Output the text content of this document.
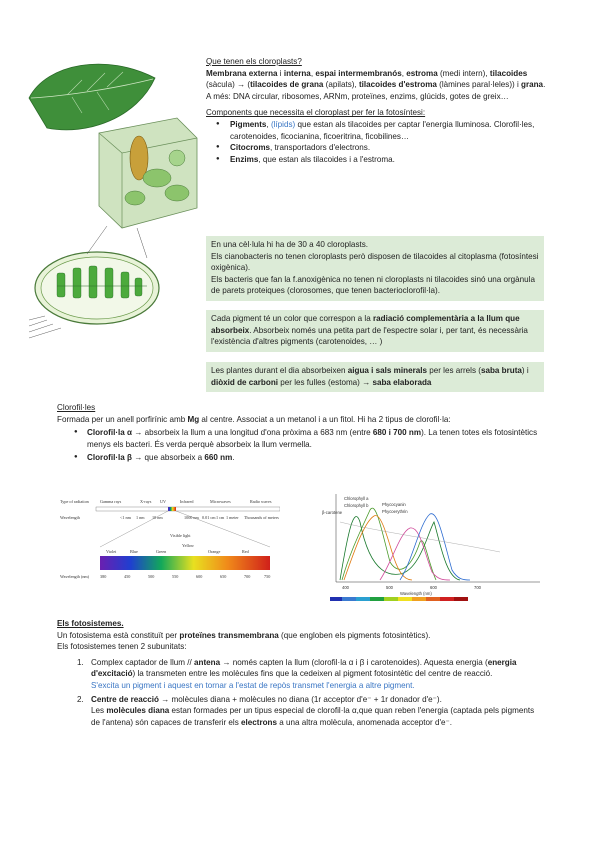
Que tenen els cloroplasts?

Membrana externa i interna, espai intermembranós, estroma (medi intern), tilacoides (sàcula) → (tilacoides de grana (apilats), tilacoides d'estroma (làmines paral·leles)) i grana.

A més: DNA circular, ribosomes, ARNm, proteïnes, enzims, glúcids, gotes de greix…

Components que necessita el cloroplast per fer la fotosíntesi:

● Pigments, (lípids) que estan als tilacoides per captar l'energia lluminosa. Clorofil·les, carotenoides, ficocianina, ficoeritrina, ficobilines…

● Citocroms, transportadors d'electrons.

● Enzims, que estan als tilacoides i a l'estroma.

En una cèl·lula hi ha de 30 a 40 cloroplasts.

Els cianobacteris no tenen cloroplasts però disposen de tilacoides al citoplasma (fotosíntesi oxigènica).

Els bacteris que fan la f.anoxigènica no tenen ni cloroplasts ni tilacoides sinó una orgànula de parets proteiques (clorosomes, que tenen bacterioclorofil·la).

Cada pigment té un color que correspon a la radiació complementària a la llum que absorbeix. Absorbeix només una petita part de l'espectre solar i, per tant, és necessària l'existència d'altres pigments (carotenoides, … )

Les plantes durant el dia absorbeixen aigua i sals minerals per les arrels (saba bruta) i diòxid de carboni per les fulles (estoma) → saba elaborada

Clorofil·les

Formada per un anell porfirínic amb Mg al centre. Associat a un metanol i a un fitol. Hi ha 2 tipus de clorofil·la:

● Clorofil·la α → absorbeix la llum a una longitud d'ona pròxima a 683 nm (entre 680 i 700 nm). La tenen totes els fotosintètics menys els bacteri. És verda perquè absorbeix la llum vermella.

● Clorofil·la β → que absorbeix a 660 nm.

Type of radiation	Gamma rays	X-rays UV	Infrared	Microwaves	Radio waves
Wavelength	<1 nm 1 nm 10 nm	1000 nm 0.01 cm 1 cm 1 meter Thousands of meters
Visible light
Violet	Blue	Green
Yellow
Orange	Red
Wavelength (nm)	380	450	500	550	600	650	700	750
Chlorophyll a
Chlorophyll b
β-carotene
Phycocyanin
Phycoerythrin
400	500	600	700
Wavelength (nm)

Els fotosistemes.

Un fotosistema està constituït per proteïnes transmembrana (que engloben els pigments fotosintètics).

Els fotosistemes tenen 2 subunitats:

1. Complex captador de llum // antena → només capten la llum (clorofil·la α i β i carotenoides). Aquesta energia (energia d'excitació) la transmeten entre les molècules fins que la cedeixen al pigment fotosintètic del centre de reacció.

S'excita un pigment i aquest en tornar a l'estat de repòs transmet l'energia a altre pigment.

2. Centre de reacció → molècules diana + molècules no diana (1r acceptor d'e⁻ + 1r donador d'e⁻).

Les molècules diana estan formades per un tipus especial de clorofil·la α,que quan reben l'energia (captada pels pigments de l'antena) són capaces de transferir els electrons a una altra molècula, anomenada acceptor d'e⁻.
